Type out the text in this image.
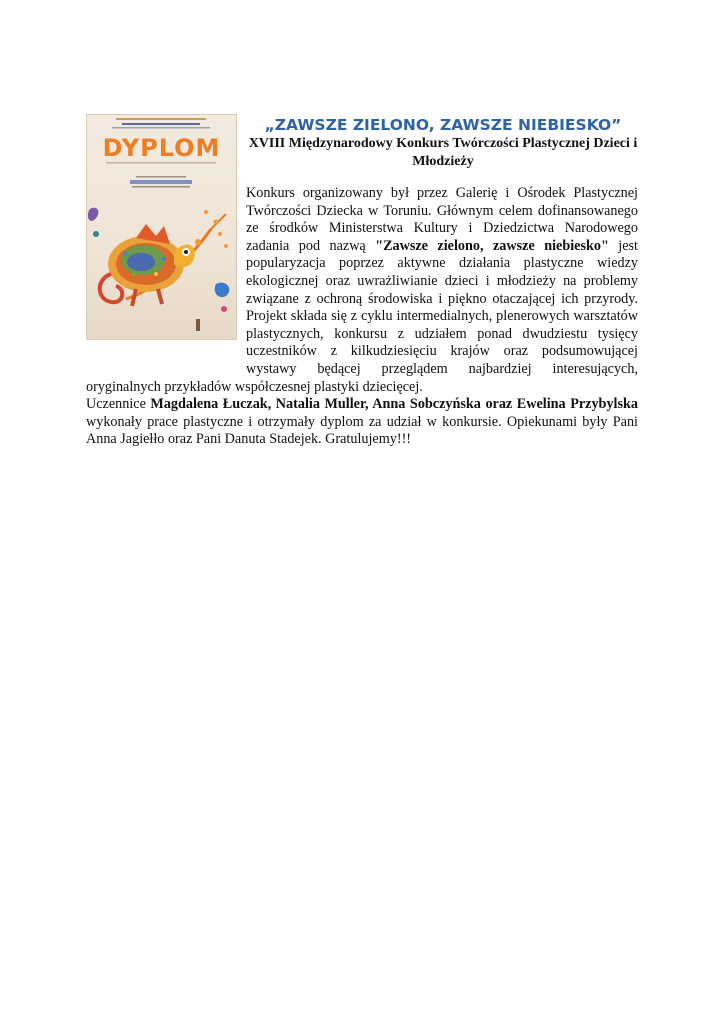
DYPLOM
„ZAWSZE ZIELONO, ZAWSZE NIEBIESKO”
XVIII Międzynarodowy Konkurs Twórczości Plastycznej Dzieci i Młodzieży

Konkurs organizowany był przez Galerię i Ośrodek Plastycznej Twórczości Dziecka w Toruniu. Głównym celem dofinansowanego ze środków Ministerstwa Kultury i Dziedzictwa Narodowego zadania pod nazwą "Zawsze zielono, zawsze niebiesko" jest popularyzacja poprzez aktywne działania plastyczne wiedzy ekologicznej oraz uwrażliwianie dzieci i młodzieży na problemy związane z ochroną środowiska i piękno otaczającej ich przyrody. Projekt składa się z cyklu intermedialnych, plenerowych warsztatów plastycznych, konkursu z udziałem ponad dwudziestu tysięcy uczestników z kilkudziesięciu krajów oraz podsumowującej wystawy będącej przeglądem najbardziej interesujących, oryginalnych przykładów współczesnej plastyki dziecięcej.

Uczennice Magdalena Łuczak, Natalia Muller, Anna Sobczyńska oraz Ewelina Przybylska wykonały prace plastyczne i otrzymały dyplom za udział w konkursie. Opiekunami były Pani Anna Jagiełło oraz Pani Danuta Stadejek. Gratulujemy!!!
